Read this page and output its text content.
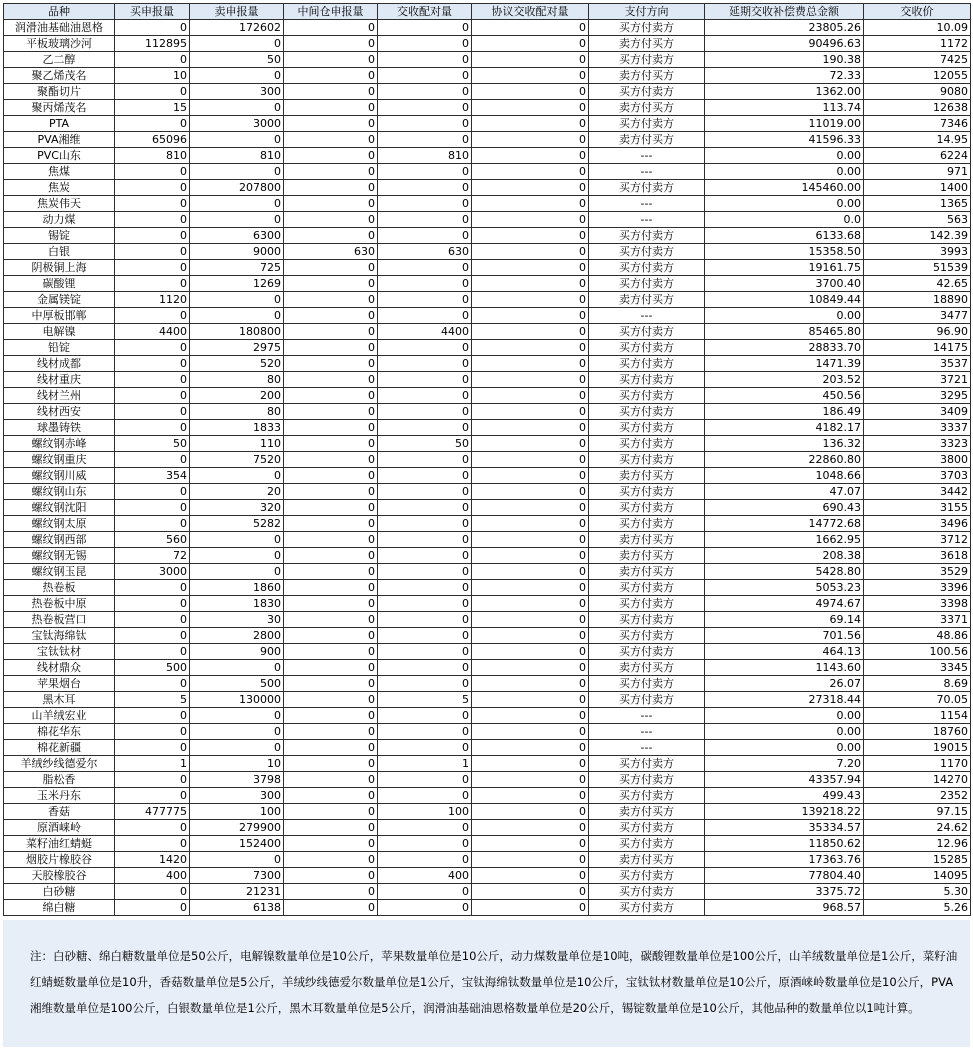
品种	买申报量	卖申报量	中间仓申报量	交收配对量	协议交收配对量	支付方向	延期交收补偿费总金额	交收价
润滑油基础油恩格	0	172602	0	0	0	买方付卖方	23805.26	10.09
平板玻璃沙河	112895	0	0	0	0	卖方付买方	90496.63	1172
乙二醇	0	50	0	0	0	买方付卖方	190.38	7425
聚乙烯茂名	10	0	0	0	0	卖方付买方	72.33	12055
聚酯切片	0	300	0	0	0	买方付卖方	1362.00	9080
聚丙烯茂名	15	0	0	0	0	卖方付买方	113.74	12638
PTA	0	3000	0	0	0	买方付卖方	11019.00	7346
PVA湘维	65096	0	0	0	0	卖方付买方	41596.33	14.95
PVC山东	810	810	0	810	0	---	0.00	6224
焦煤	0	0	0	0	0	---	0.00	971
焦炭	0	207800	0	0	0	买方付卖方	145460.00	1400
焦炭伟天	0	0	0	0	0	---	0.00	1365
动力煤	0	0	0	0	0	---	0.0	563
锡锭	0	6300	0	0	0	买方付卖方	6133.68	142.39
白银	0	9000	630	630	0	买方付卖方	15358.50	3993
阴极铜上海	0	725	0	0	0	买方付卖方	19161.75	51539
碳酸锂	0	1269	0	0	0	买方付卖方	3700.40	42.65
金属镁锭	1120	0	0	0	0	卖方付买方	10849.44	18890
中厚板邯郸	0	0	0	0	0	---	0.00	3477
电解镍	4400	180800	0	4400	0	买方付卖方	85465.80	96.90
铅锭	0	2975	0	0	0	买方付卖方	28833.70	14175
线材成都	0	520	0	0	0	买方付卖方	1471.39	3537
线材重庆	0	80	0	0	0	买方付卖方	203.52	3721
线材兰州	0	200	0	0	0	买方付卖方	450.56	3295
线材西安	0	80	0	0	0	买方付卖方	186.49	3409
球墨铸铁	0	1833	0	0	0	买方付卖方	4182.17	3337
螺纹钢赤峰	50	110	0	50	0	买方付卖方	136.32	3323
螺纹钢重庆	0	7520	0	0	0	买方付卖方	22860.80	3800
螺纹钢川威	354	0	0	0	0	卖方付买方	1048.66	3703
螺纹钢山东	0	20	0	0	0	买方付卖方	47.07	3442
螺纹钢沈阳	0	320	0	0	0	买方付卖方	690.43	3155
螺纹钢太原	0	5282	0	0	0	买方付卖方	14772.68	3496
螺纹钢西部	560	0	0	0	0	卖方付买方	1662.95	3712
螺纹钢无锡	72	0	0	0	0	卖方付买方	208.38	3618
螺纹钢玉昆	3000	0	0	0	0	卖方付买方	5428.80	3529
热卷板	0	1860	0	0	0	买方付卖方	5053.23	3396
热卷板中原	0	1830	0	0	0	买方付卖方	4974.67	3398
热卷板营口	0	30	0	0	0	买方付卖方	69.14	3371
宝钛海绵钛	0	2800	0	0	0	买方付卖方	701.56	48.86
宝钛钛材	0	900	0	0	0	买方付卖方	464.13	100.56
线材鼎众	500	0	0	0	0	卖方付买方	1143.60	3345
苹果烟台	0	500	0	0	0	买方付卖方	26.07	8.69
黑木耳	5	130000	0	5	0	买方付卖方	27318.44	70.05
山羊绒宏业	0	0	0	0	0	---	0.00	1154
棉花华东	0	0	0	0	0	---	0.00	18760
棉花新疆	0	0	0	0	0	---	0.00	19015
羊绒纱线德爱尔	1	10	0	1	0	买方付卖方	7.20	1170
脂松香	0	3798	0	0	0	买方付卖方	43357.94	14270
玉米丹东	0	300	0	0	0	买方付卖方	499.43	2352
香菇	477775	100	0	100	0	卖方付买方	139218.22	97.15
原酒崃岭	0	279900	0	0	0	买方付卖方	35334.57	24.62
菜籽油红蜻蜓	0	152400	0	0	0	买方付卖方	11850.62	12.96
烟胶片橡胶谷	1420	0	0	0	0	卖方付买方	17363.76	15285
天胶橡胶谷	400	7300	0	400	0	买方付卖方	77804.40	14095
白砂糖	0	21231	0	0	0	买方付卖方	3375.72	5.30
绵白糖	0	6138	0	0	0	买方付卖方	968.57	5.26
注：白砂糖、绵白糖数量单位是50公斤，电解镍数量单位是10公斤，苹果数量单位是10公斤，动力煤数量单位是10吨，碳酸锂数量单位是100公斤，山羊绒数量单位是1公斤，菜籽油红蜻蜓数量单位是10升，香菇数量单位是5公斤，羊绒纱线德爱尔数量单位是1公斤，宝钛海绵钛数量单位是10公斤，宝钛钛材数量单位是10公斤，原酒崃岭数量单位是10公斤，PVA湘维数量单位是100公斤，白银数量单位是1公斤，黑木耳数量单位是5公斤，润滑油基础油恩格数量单位是20公斤，锡锭数量单位是10公斤，其他品种的数量单位以1吨计算。
